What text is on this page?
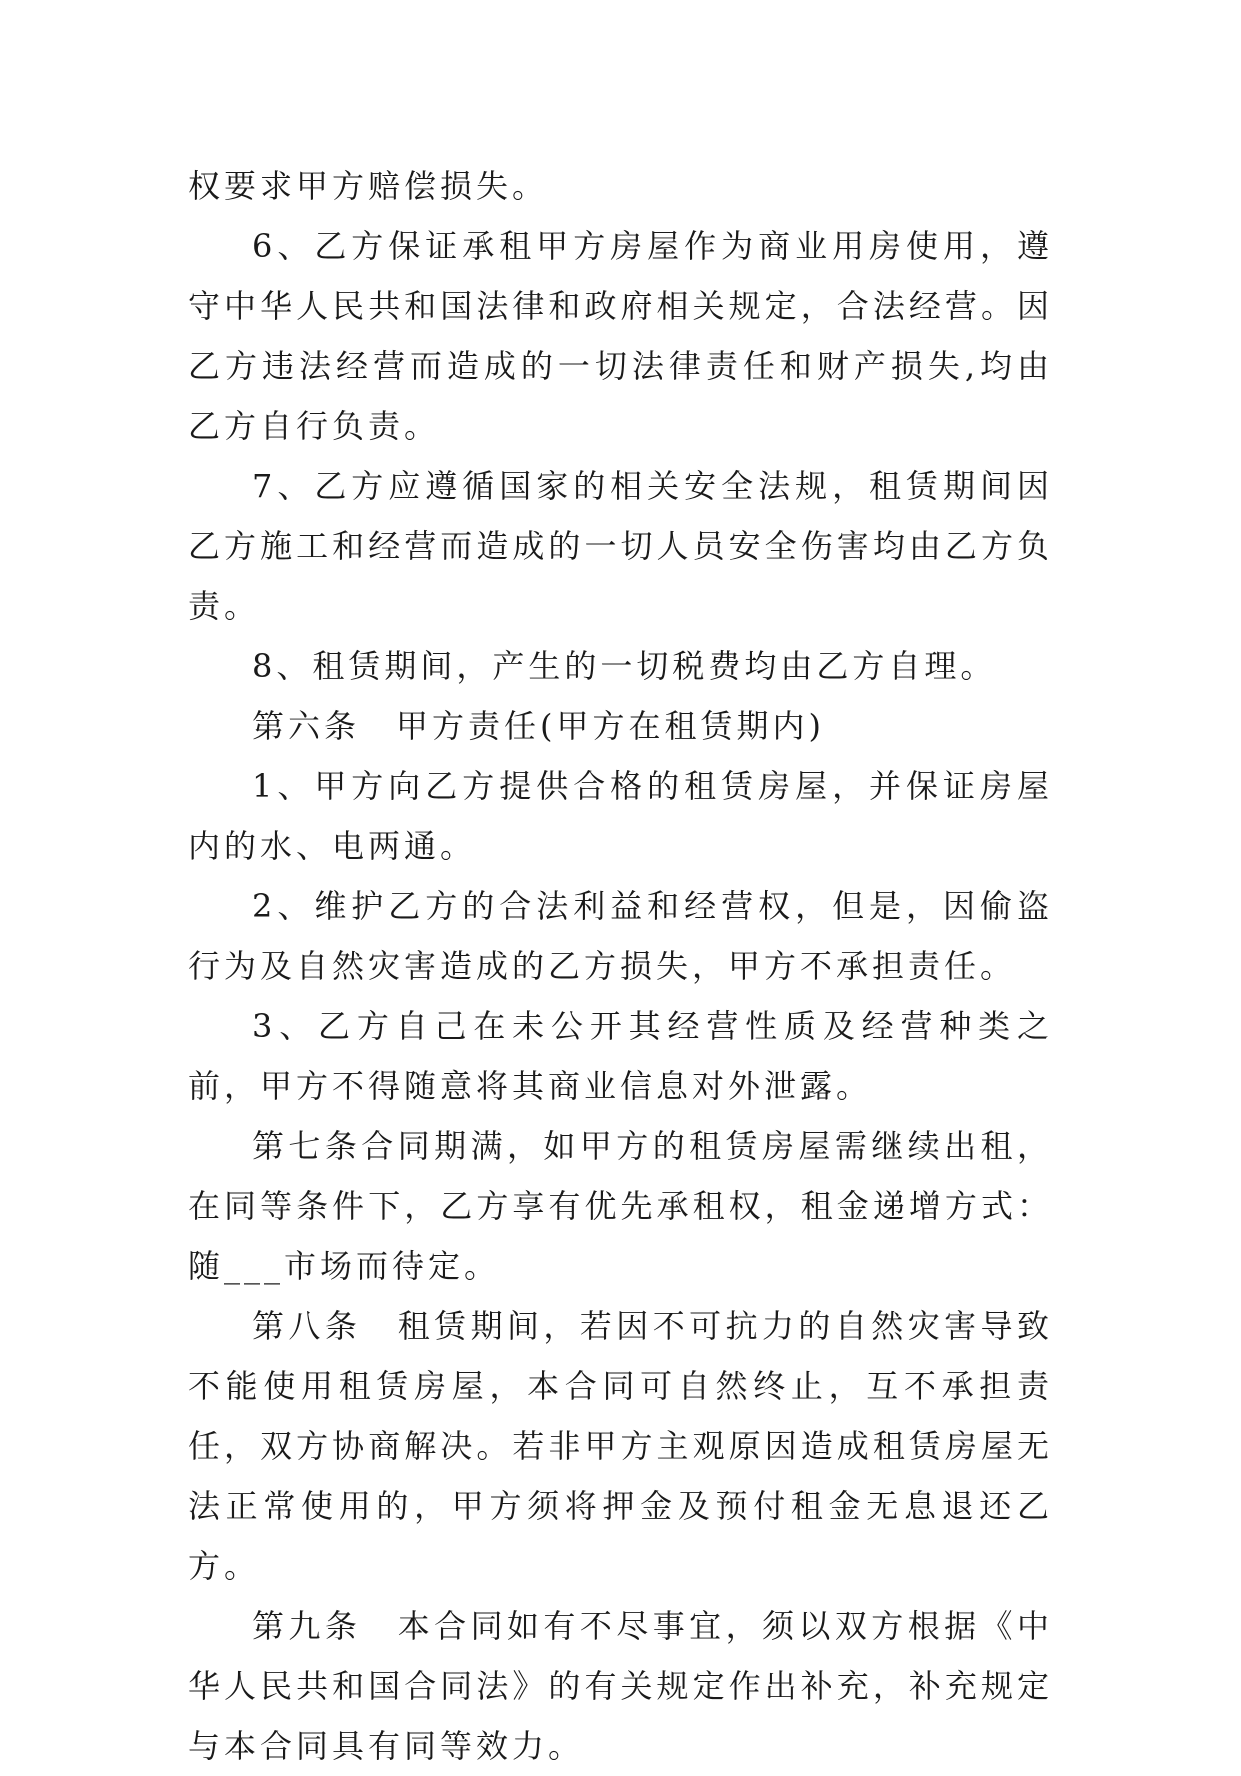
权要求甲方赔偿损失。

6、乙方保证承租甲方房屋作为商业用房使用，遵守中华人民共和国法律和政府相关规定，合法经营。因乙方违法经营而造成的一切法律责任和财产损失,均由乙方自行负责。

7、乙方应遵循国家的相关安全法规，租赁期间因乙方施工和经营而造成的一切人员安全伤害均由乙方负责。

8、租赁期间，产生的一切税费均由乙方自理。

第六条　甲方责任(甲方在租赁期内)

1、甲方向乙方提供合格的租赁房屋，并保证房屋内的水、电两通。

2、维护乙方的合法利益和经营权，但是，因偷盗行为及自然灾害造成的乙方损失，甲方不承担责任。

3、乙方自己在未公开其经营性质及经营种类之前，甲方不得随意将其商业信息对外泄露。

第七条合同期满，如甲方的租赁房屋需继续出租，在同等条件下，乙方享有优先承租权，租金递增方式：随___市场而待定。

第八条　租赁期间，若因不可抗力的自然灾害导致不能使用租赁房屋，本合同可自然终止，互不承担责任，双方协商解决。若非甲方主观原因造成租赁房屋无法正常使用的，甲方须将押金及预付租金无息退还乙方。

第九条　本合同如有不尽事宜，须以双方根据《中华人民共和国合同法》的有关规定作出补充，补充规定与本合同具有同等效力。
